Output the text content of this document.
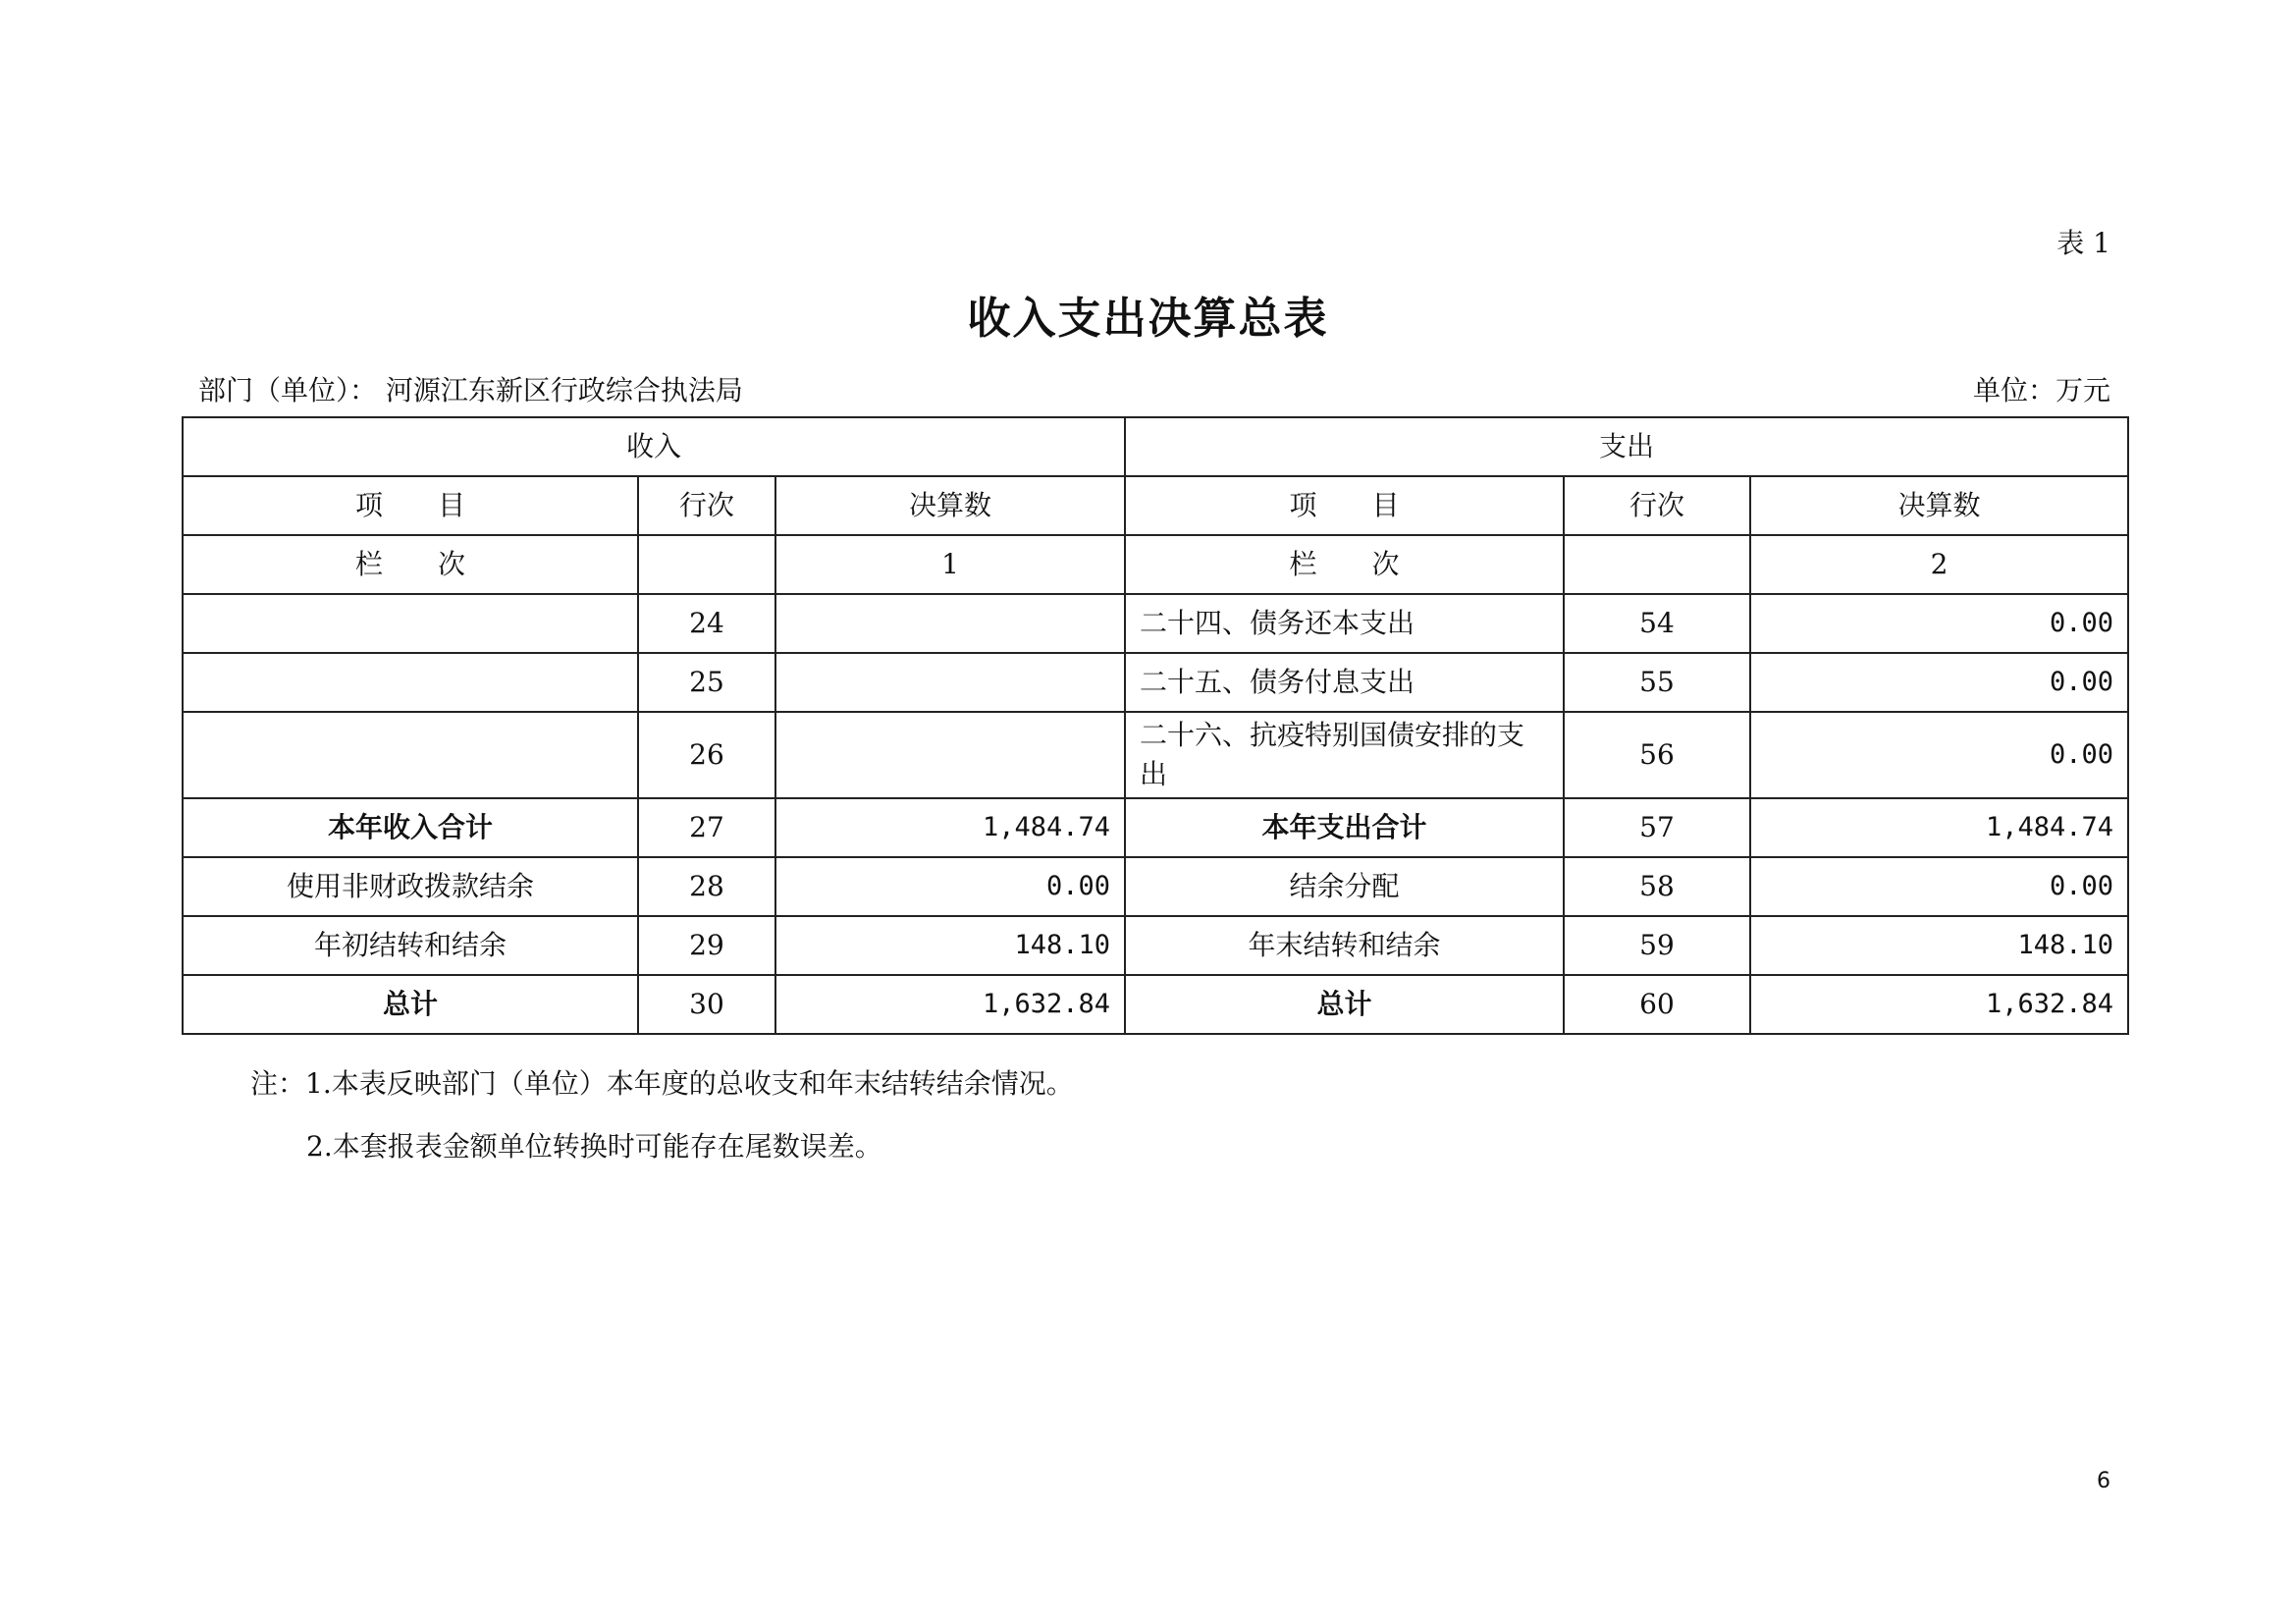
表 1
收入支出决算总表
部门（单位）： 河源江东新区行政综合执法局	单位：万元
收入			支出		
项　　目	行次	决算数	项　　目	行次	决算数
栏　　次		1	栏　　次		2
	24		二十四、债务还本支出	54	0.00
	25		二十五、债务付息支出	55	0.00
	26		二十六、抗疫特别国债安排的支出	56	0.00
本年收入合计	27	1,484.74	本年支出合计	57	1,484.74
使用非财政拨款结余	28	0.00	结余分配	58	0.00
年初结转和结余	29	148.10	年末结转和结余	59	148.10
总计	30	1,632.84	总计	60	1,632.84
注：1.本表反映部门（单位）本年度的总收支和年末结转结余情况。
2.本套报表金额单位转换时可能存在尾数误差。
6
